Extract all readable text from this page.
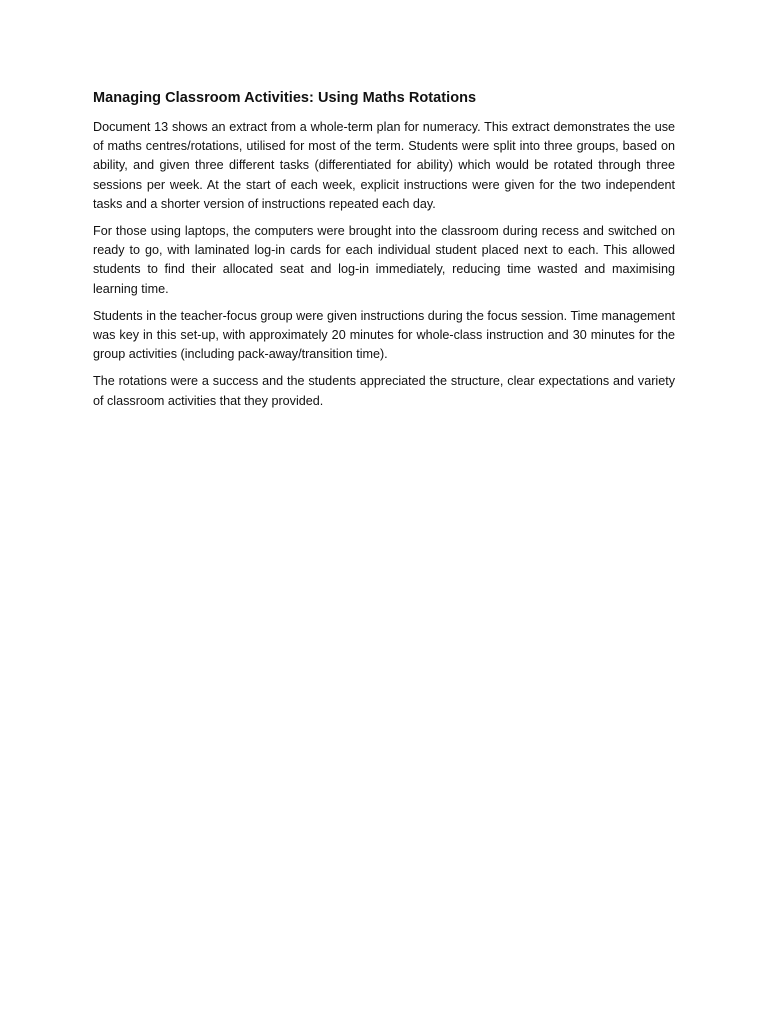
Managing Classroom Activities: Using Maths Rotations

Document 13 shows an extract from a whole-term plan for numeracy. This extract demonstrates the use of maths centres/rotations, utilised for most of the term. Students were split into three groups, based on ability, and given three different tasks (differentiated for ability) which would be rotated through three sessions per week. At the start of each week, explicit instructions were given for the two independent tasks and a shorter version of instructions repeated each day.

For those using laptops, the computers were brought into the classroom during recess and switched on ready to go, with laminated log-in cards for each individual student placed next to each. This allowed students to find their allocated seat and log-in immediately, reducing time wasted and maximising learning time.

Students in the teacher-focus group were given instructions during the focus session. Time management was key in this set-up, with approximately 20 minutes for whole-class instruction and 30 minutes for the group activities (including pack-away/transition time).

The rotations were a success and the students appreciated the structure, clear expectations and variety of classroom activities that they provided.
